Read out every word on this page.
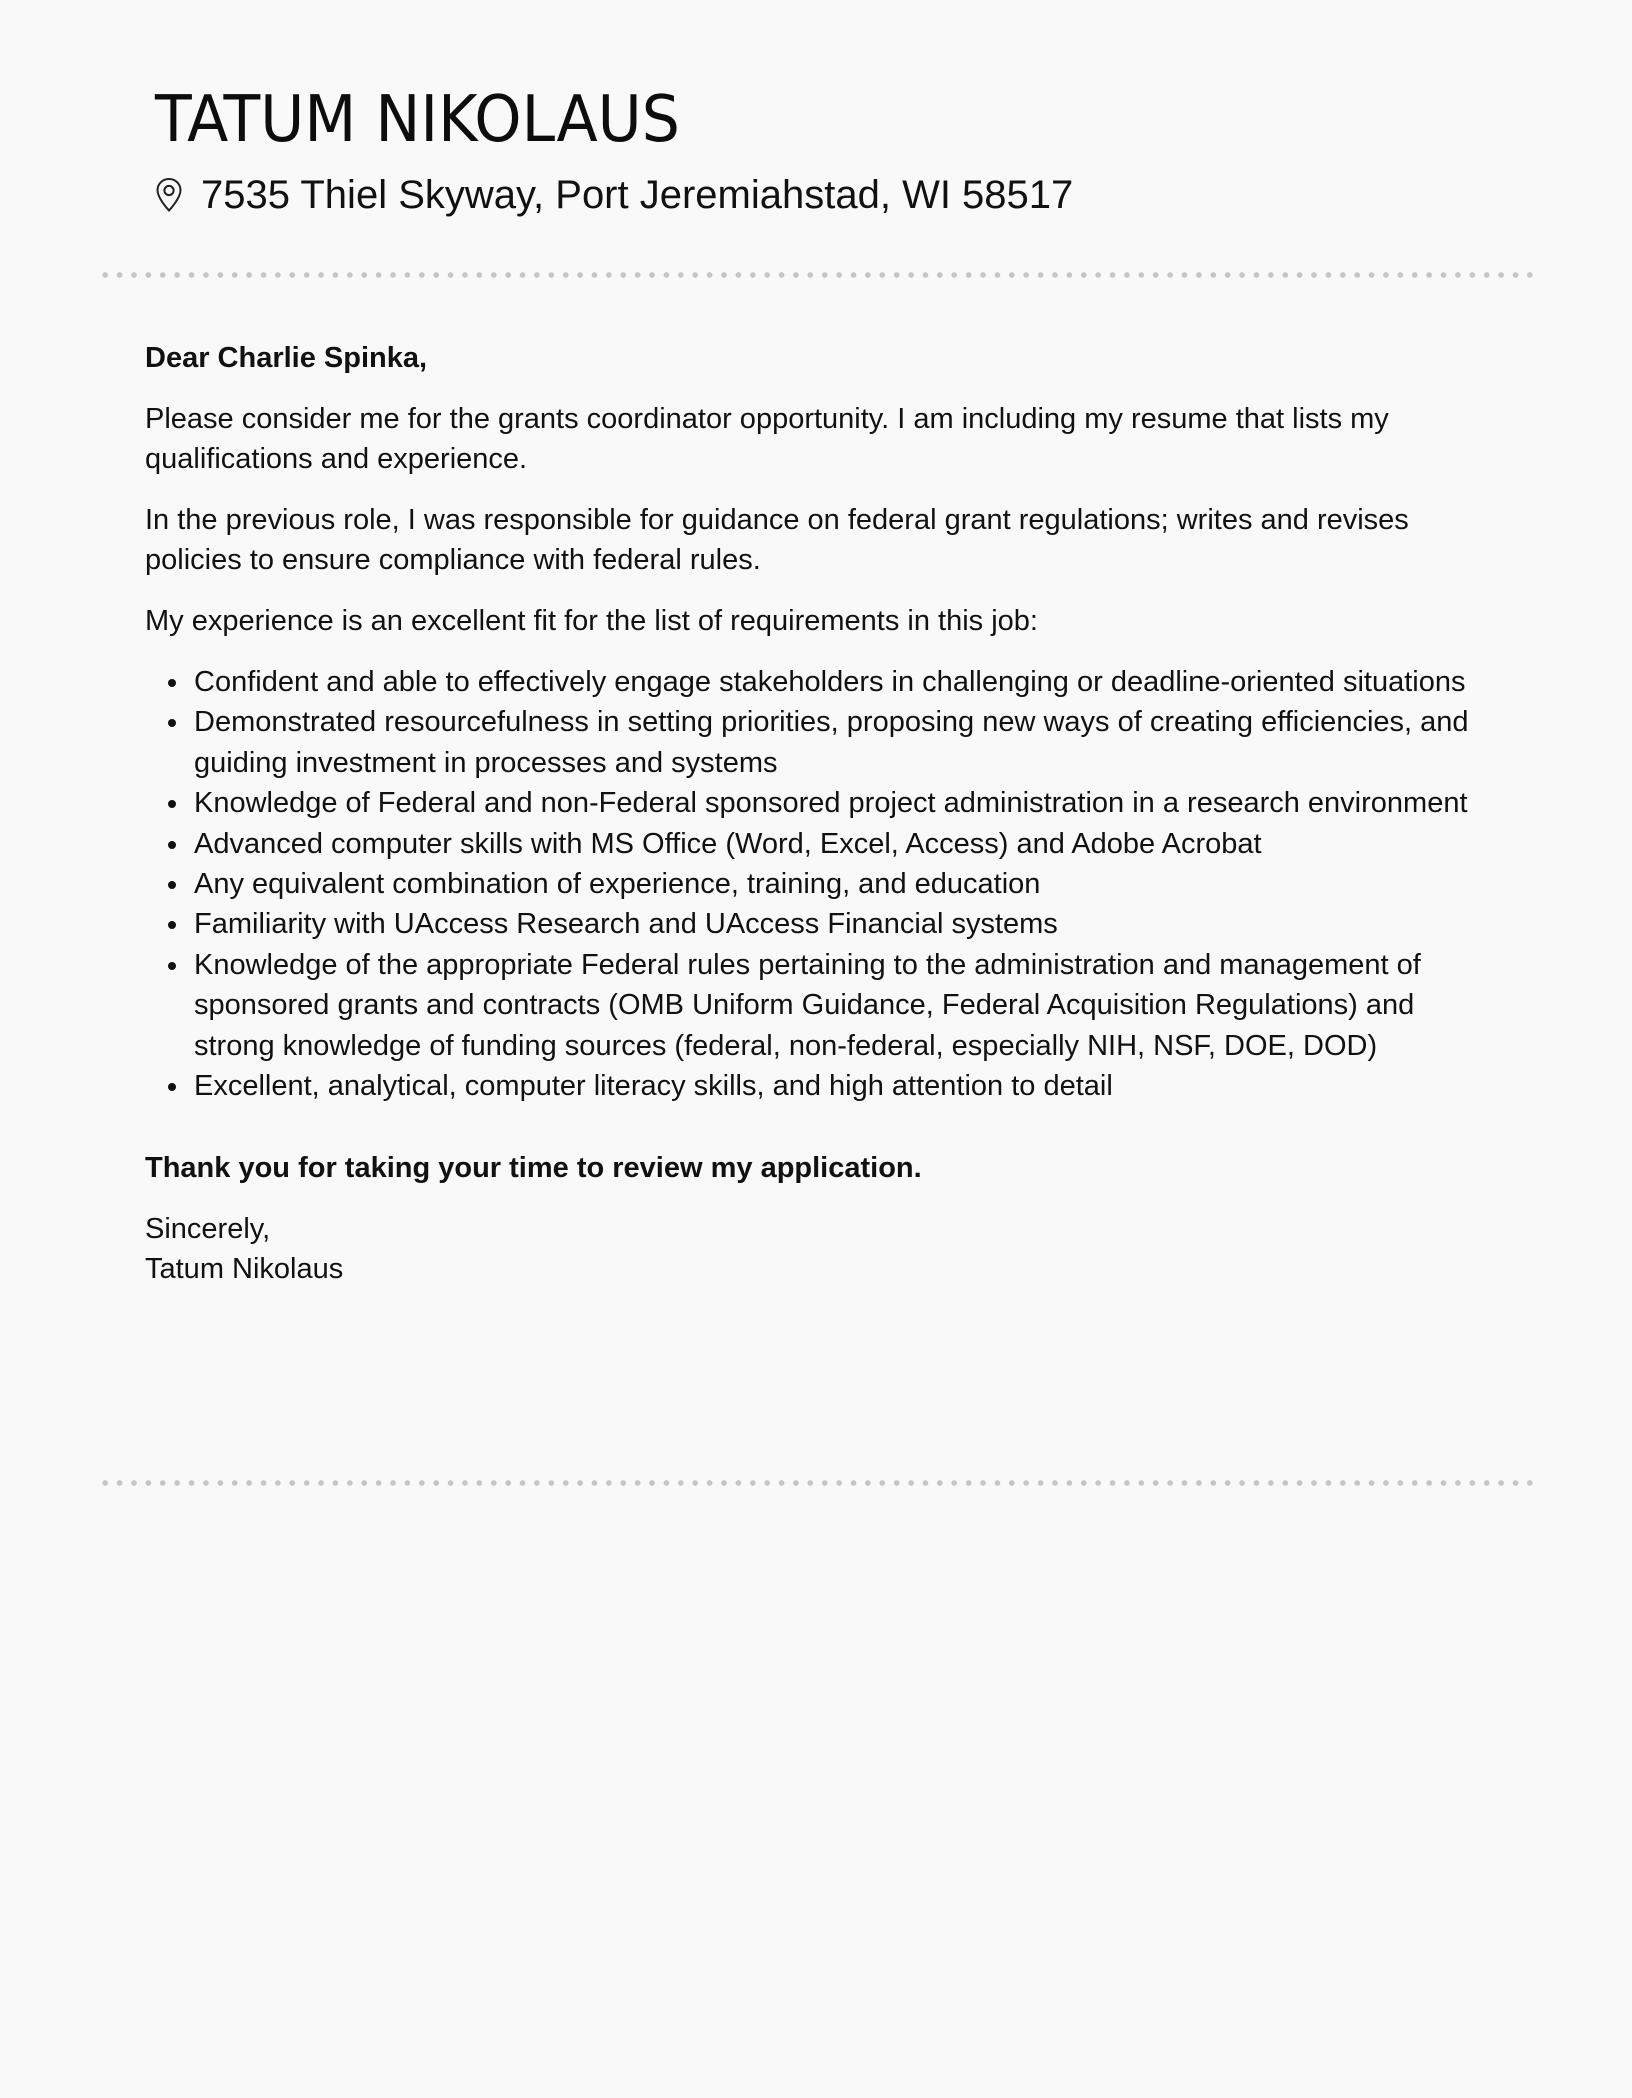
TATUM NIKOLAUS
7535 Thiel Skyway, Port Jeremiahstad, WI 58517

Dear Charlie Spinka,

Please consider me for the grants coordinator opportunity. I am including my resume that lists my qualifications and experience.

In the previous role, I was responsible for guidance on federal grant regulations; writes and revises policies to ensure compliance with federal rules.

My experience is an excellent fit for the list of requirements in this job:

Confident and able to effectively engage stakeholders in challenging or deadline-oriented situations
Demonstrated resourcefulness in setting priorities, proposing new ways of creating efficiencies, and guiding investment in processes and systems
Knowledge of Federal and non-Federal sponsored project administration in a research environment
Advanced computer skills with MS Office (Word, Excel, Access) and Adobe Acrobat
Any equivalent combination of experience, training, and education
Familiarity with UAccess Research and UAccess Financial systems
Knowledge of the appropriate Federal rules pertaining to the administration and management of sponsored grants and contracts (OMB Uniform Guidance, Federal Acquisition Regulations) and strong knowledge of funding sources (federal, non-federal, especially NIH, NSF, DOE, DOD)
Excellent, analytical, computer literacy skills, and high attention to detail

Thank you for taking your time to review my application.

Sincerely,

Tatum Nikolaus
